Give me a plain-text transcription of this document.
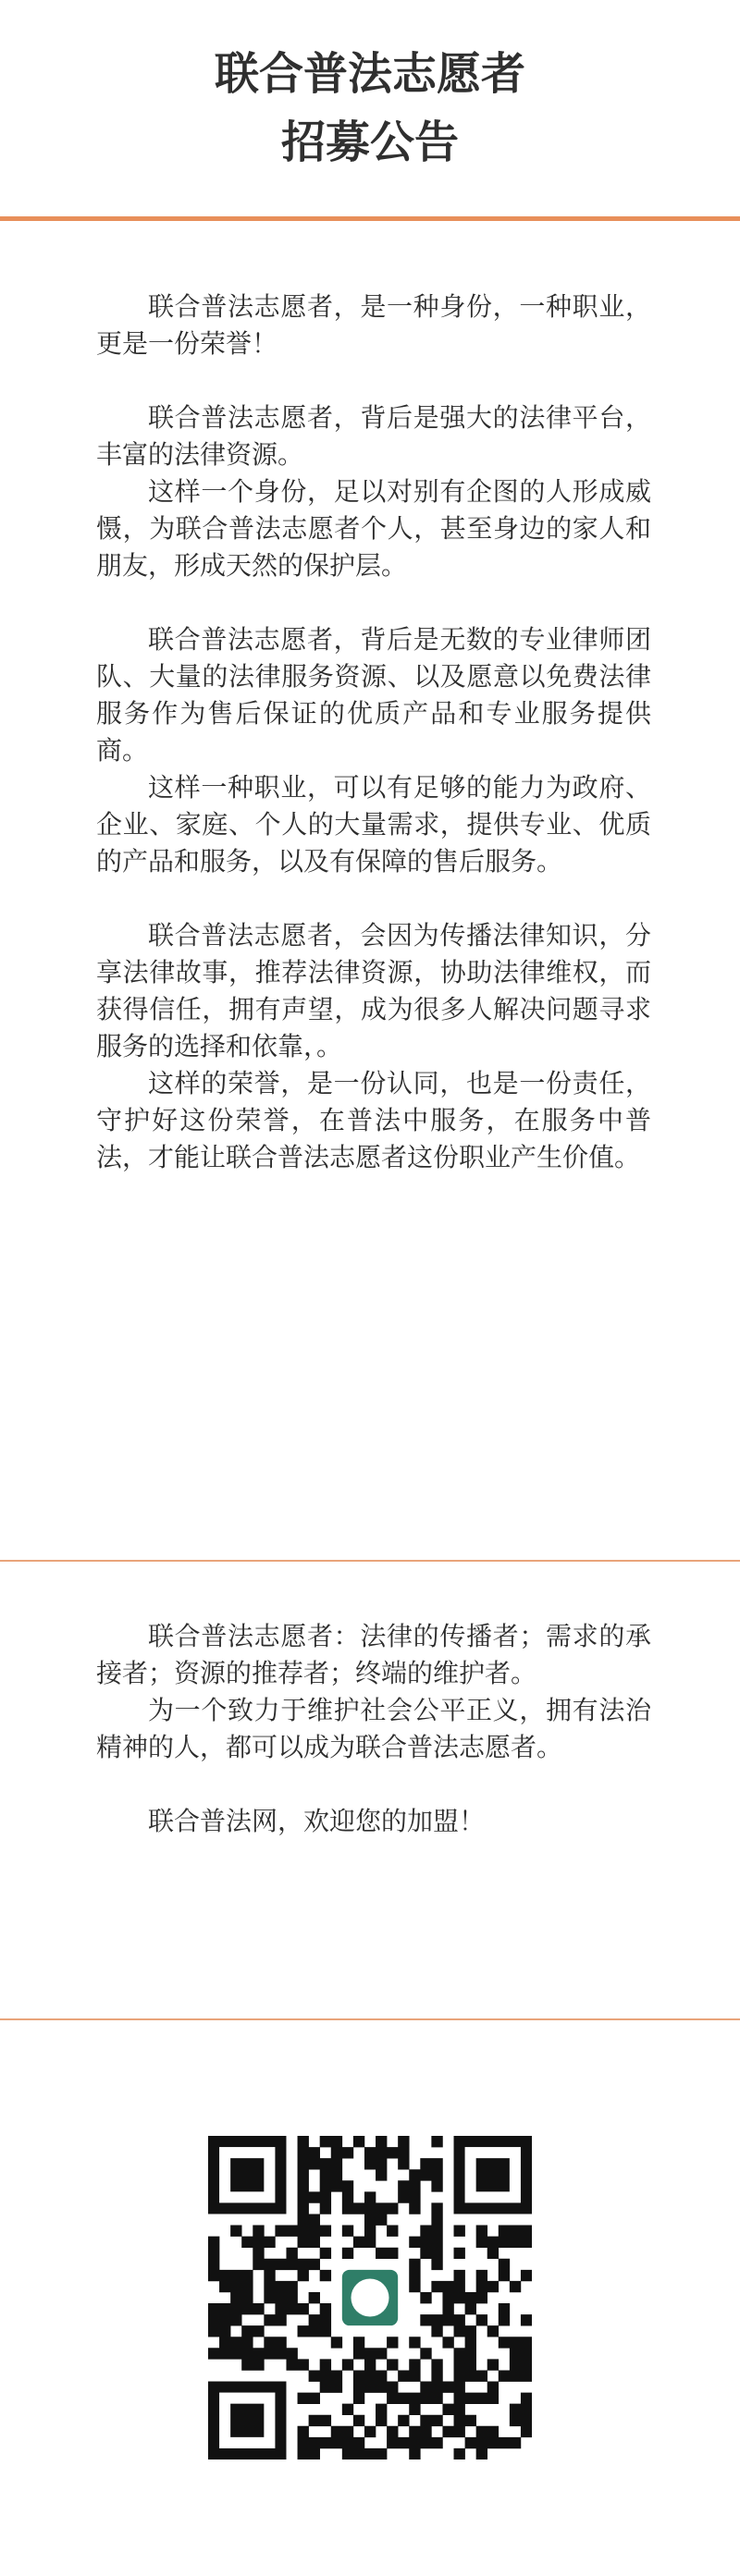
联合普法志愿者
招募公告

联合普法志愿者，是一种身份，一种职业，更是一份荣誉！

联合普法志愿者，背后是强大的法律平台，丰富的法律资源。

这样一个身份，足以对别有企图的人形成威慑，为联合普法志愿者个人，甚至身边的家人和朋友，形成天然的保护层。

联合普法志愿者，背后是无数的专业律师团队、大量的法律服务资源、以及愿意以免费法律服务作为售后保证的优质产品和专业服务提供商。

这样一种职业，可以有足够的能力为政府、企业、家庭、个人的大量需求，提供专业、优质的产品和服务，以及有保障的售后服务。

联合普法志愿者，会因为传播法律知识，分享法律故事，推荐法律资源，协助法律维权，而获得信任，拥有声望，成为很多人解决问题寻求服务的选择和依靠，。

这样的荣誉，是一份认同，也是一份责任，守护好这份荣誉，在普法中服务，在服务中普法，才能让联合普法志愿者这份职业产生价值。

联合普法志愿者：法律的传播者；需求的承接者；资源的推荐者；终端的维护者。

为一个致力于维护社会公平正义，拥有法治精神的人，都可以成为联合普法志愿者。

联合普法网，欢迎您的加盟！
